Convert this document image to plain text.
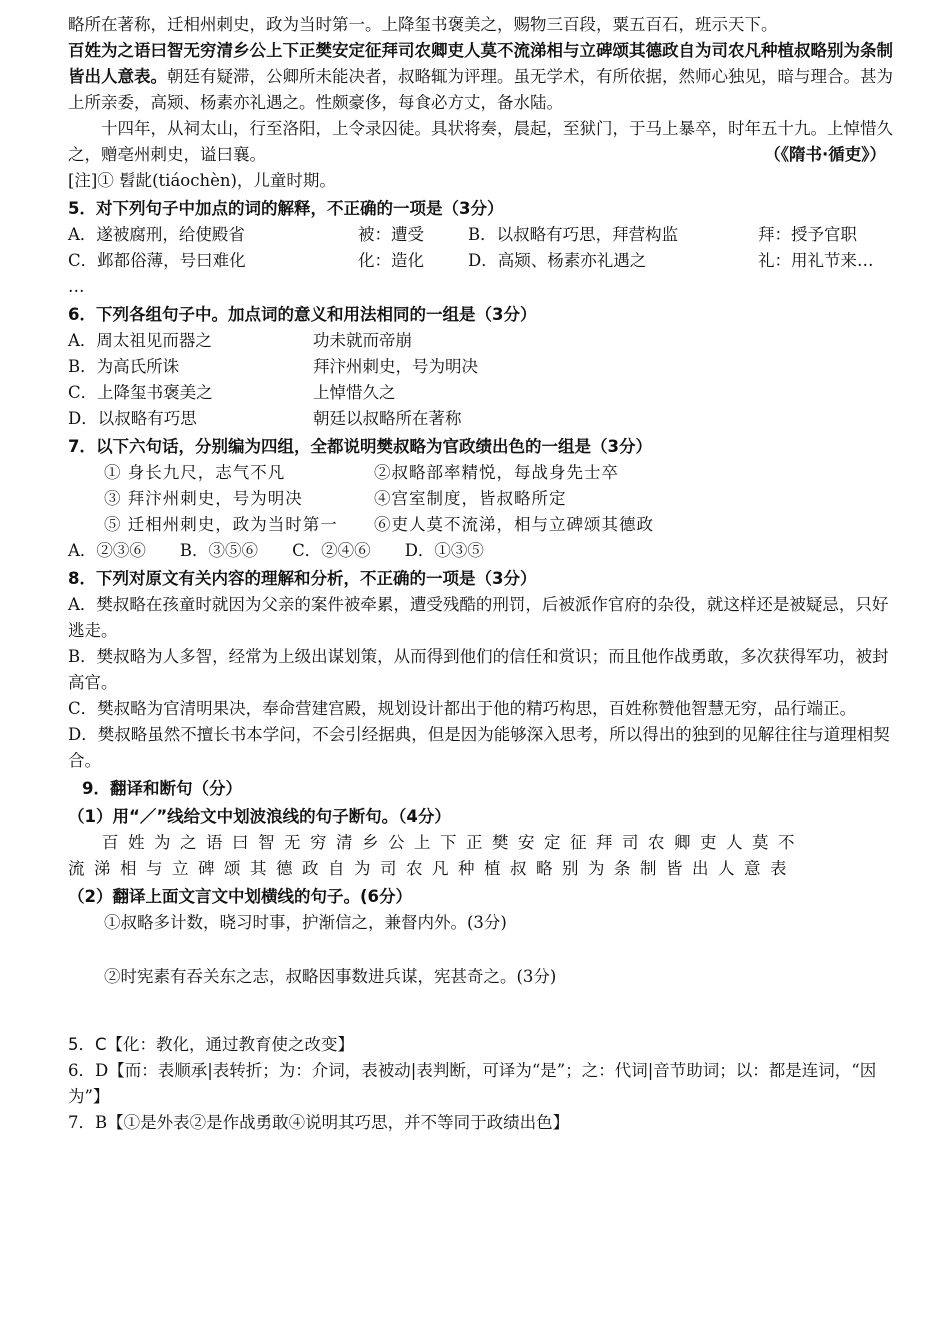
略所在著称，迁相州刺史，政为当时第一。上降玺书褒美之，赐物三百段，粟五百石，班示天下。
百姓为之语曰智无穷清乡公上下正樊安定征拜司农卿吏人莫不流涕相与立碑颂其德政自为司农凡种植叔略别为条制皆出人意表。朝廷有疑滞，公卿所未能决者，叔略辄为评理。虽无学术，有所依据，然师心独见，暗与理合。甚为上所亲委，高颎、杨素亦礼遇之。性颇豪侈，每食必方丈，备水陆。
十四年，从祠太山，行至洛阳，上令录囚徒。具状将奏，晨起，至狱门，于马上暴卒，时年五十九。上悼惜久之，赠亳州刺史，谥曰襄。	（《隋书·循吏》）
[注]① 髫龀(tiáochèn)，儿童时期。
5．对下列句子中加点的词的解释，不正确的一项是（3分）
A．遂被腐刑，给使殿省	被：遭受	B．以叔略有巧思，拜营构监	拜：授予官职
C．邺都俗薄，号曰难化	化：造化	D．高颎、杨素亦礼遇之	礼：用礼节来…
…
6．下列各组句子中。加点词的意义和用法相同的一组是（3分）
A．周太祖见而器之	功未就而帝崩
B．为高氏所诛	拜汴州刺史，号为明决
C．上降玺书褒美之	上悼惜久之
D．以叔略有巧思	朝廷以叔略所在著称
7．以下六句话，分别编为四组，全都说明樊叔略为官政绩出色的一组是（3分）
① 身长九尺，志气不凡	②叔略部率精悦，每战身先士卒
③ 拜汴州刺史，号为明决	④宫室制度，皆叔略所定
⑤ 迁相州刺史，政为当时第一	⑥吏人莫不流涕，相与立碑颂其德政
A．②③⑥ B．③⑤⑥ C．②④⑥ D．①③⑤
8．下列对原文有关内容的理解和分析，不正确的一项是（3分）
A．樊叔略在孩童时就因为父亲的案件被牵累，遭受残酷的刑罚，后被派作官府的杂役，就这样还是被疑忌，只好逃走。
B．樊叔略为人多智，经常为上级出谋划策，从而得到他们的信任和赏识；而且他作战勇敢，多次获得军功，被封高官。
C．樊叔略为官清明果决，奉命营建宫殿，规划设计都出于他的精巧构思，百姓称赞他智慧无穷，品行端正。
D．樊叔略虽然不擅长书本学问，不会引经据典，但是因为能够深入思考，所以得出的独到的见解往往与道理相契合。
9．翻译和断句（分）
（1）用“／”线给文中划波浪线的句子断句。（4分）
百姓为之语曰智无穷清乡公上下正樊安定征拜司农卿吏人莫不
流涕相与立碑颂其德政自为司农凡种植叔略别为条制皆出人意表
（2）翻译上面文言文中划横线的句子。(6分）
①叔略多计数，晓习时事，护渐信之，兼督内外。(3分)
②时宪素有吞关东之志，叔略因事数进兵谋，宪甚奇之。(3分)
5．C【化：教化，通过教育使之改变】
6．D【而：表顺承|表转折；为：介词，表被动|表判断，可译为“是”；之：代词|音节助词；以：都是连词，“因为”】
7．B【①是外表②是作战勇敢④说明其巧思，并不等同于政绩出色】
